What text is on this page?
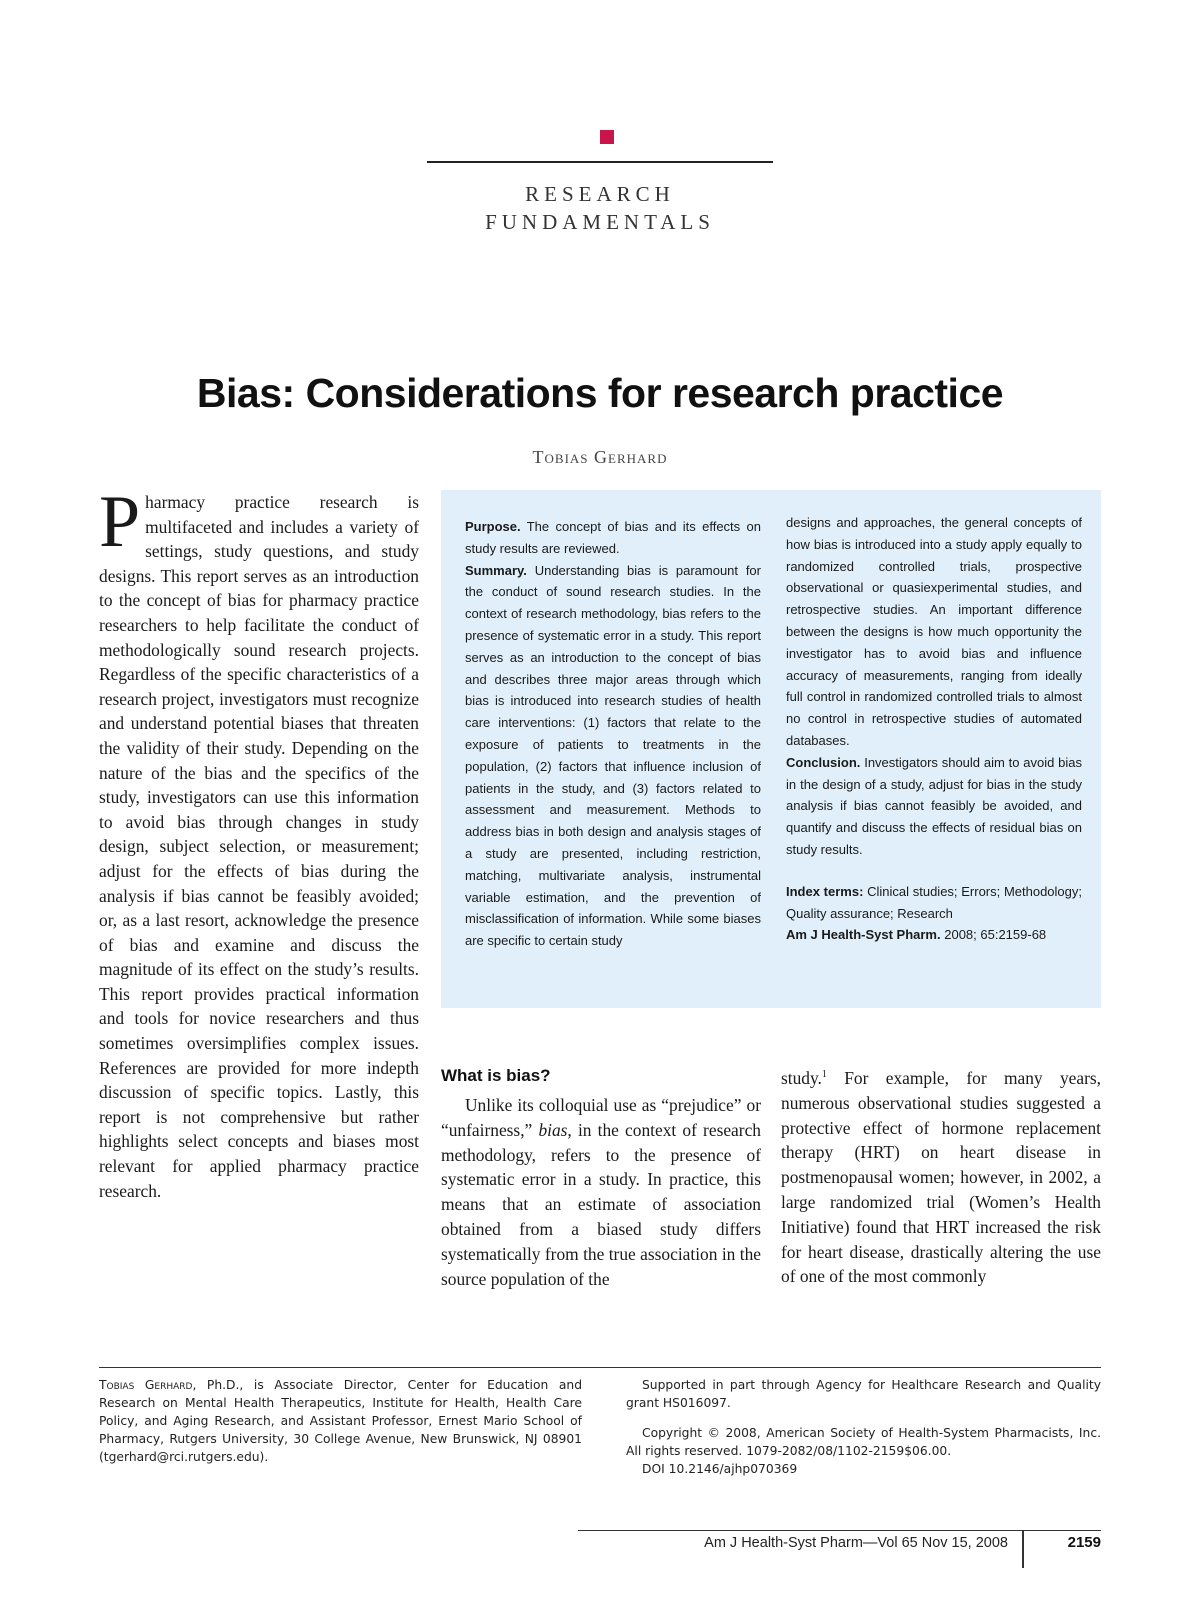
RESEARCH
FUNDAMENTALS
Bias: Considerations for research practice
Tobias Gerhard
P harmacy practice research is multifaceted and includes a variety of settings, study questions, and study designs. This report serves as an introduction to the concept of bias for pharmacy practice researchers to help facilitate the conduct of methodologically sound research projects. Regardless of the specific characteristics of a research project, investigators must recognize and understand potential biases that threaten the validity of their study. Depending on the nature of the bias and the specifics of the study, investigators can use this information to avoid bias through changes in study design, subject selection, or measurement; adjust for the effects of bias during the analysis if bias cannot be feasibly avoided; or, as a last resort, acknowledge the presence of bias and examine and discuss the magnitude of its effect on the study’s results. This report provides practical information and tools for novice researchers and thus sometimes oversimplifies complex issues. References are provided for more indepth discussion of specific topics. Lastly, this report is not comprehensive but rather highlights select concepts and biases most relevant for applied pharmacy practice research.

Purpose. The concept of bias and its effects on study results are reviewed.
Summary. Understanding bias is paramount for the conduct of sound research studies. In the context of research methodology, bias refers to the presence of systematic error in a study. This report serves as an introduction to the concept of bias and describes three major areas through which bias is introduced into research studies of health care interventions: (1) factors that relate to the exposure of patients to treatments in the population, (2) factors that influence inclusion of patients in the study, and (3) factors related to assessment and measurement. Methods to address bias in both design and analysis stages of a study are presented, including restriction, matching, multivariate analysis, instrumental variable estimation, and the prevention of misclassification of information. While some biases are specific to certain study
designs and approaches, the general concepts of how bias is introduced into a study apply equally to randomized controlled trials, prospective observational or quasiexperimental studies, and retrospective studies. An important difference between the designs is how much opportunity the investigator has to avoid bias and influence accuracy of measurements, ranging from ideally full control in randomized controlled trials to almost no control in retrospective studies of automated databases.
Conclusion. Investigators should aim to avoid bias in the design of a study, adjust for bias in the study analysis if bias cannot feasibly be avoided, and quantify and discuss the effects of residual bias on study results.
Index terms: Clinical studies; Errors; Methodology; Quality assurance; Research
Am J Health-Syst Pharm. 2008; 65:2159-68
What is bias?
Unlike its colloquial use as “prejudice” or “unfairness,” bias, in the context of research methodology, refers to the presence of systematic error in a study. In practice, this means that an estimate of association obtained from a biased study differs systematically from the true association in the source population of the
study.$^1$ For example, for many years, numerous observational studies suggested a protective effect of hormone replacement therapy (HRT) on heart disease in postmenopausal women; however, in 2002, a large randomized trial (Women’s Health Initiative) found that HRT increased the risk for heart disease, drastically altering the use of one of the most commonly
Tobias Gerhard, Ph.D., is Associate Director, Center for Education and Research on Mental Health Therapeutics, Institute for Health, Health Care Policy, and Aging Research, and Assistant Professor, Ernest Mario School of Pharmacy, Rutgers University, 30 College Avenue, New Brunswick, NJ 08901 (tgerhard@rci.rutgers.edu).

Supported in part through Agency for Healthcare Research and Quality grant HS016097.

Copyright © 2008, American Society of Health-System Pharmacists, Inc. All rights reserved. 1079-2082/08/1102-2159$06.00.

DOI 10.2146/ajhp070369

Am J Health-Syst Pharm—Vol 65 Nov 15, 2008	2159
